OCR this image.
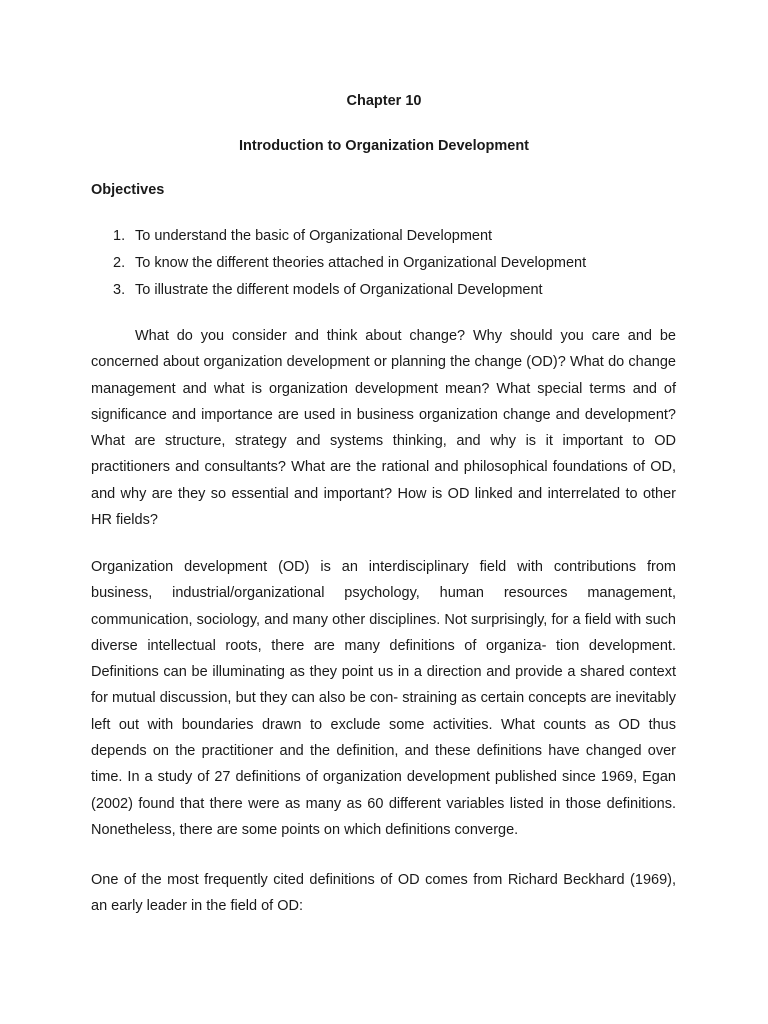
Chapter 10
Introduction to Organization Development
Objectives
1. To understand the basic of Organizational Development
2. To know the different theories attached in Organizational Development
3. To illustrate the different models of Organizational Development

What do you consider and think about change? Why should you care and be concerned about organization development or planning the change (OD)? What do change management and what is organization development mean? What special terms and of significance and importance are used in business organization change and development? What are structure, strategy and systems thinking, and why is it important to OD practitioners and consultants? What are the rational and philosophical foundations of OD, and why are they so essential and important? How is OD linked and interrelated to other HR fields?

Organization development (OD) is an interdisciplinary field with contributions from business, industrial/organizational psychology, human resources management, communication, sociology, and many other disciplines. Not surprisingly, for a field with such diverse intellectual roots, there are many definitions of organiza- tion development. Definitions can be illuminating as they point us in a direction and provide a shared context for mutual discussion, but they can also be con- straining as certain concepts are inevitably left out with boundaries drawn to exclude some activities. What counts as OD thus depends on the practitioner and the definition, and these definitions have changed over time. In a study of 27 definitions of organization development published since 1969, Egan (2002) found that there were as many as 60 different variables listed in those definitions. Nonetheless, there are some points on which definitions converge.

One of the most frequently cited definitions of OD comes from Richard Beckhard (1969), an early leader in the field of OD:
